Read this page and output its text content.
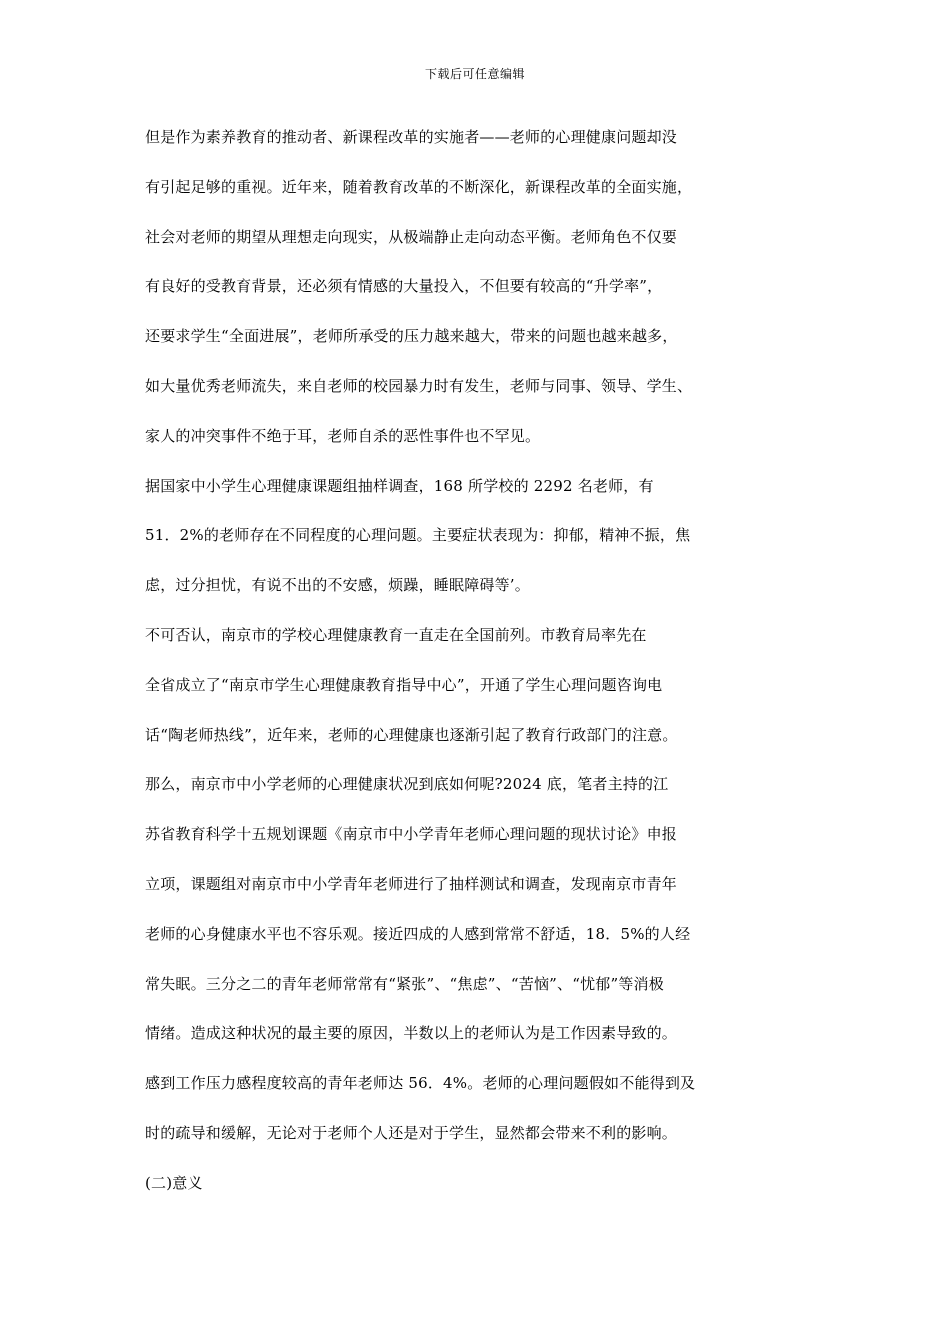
下载后可任意编辑
但是作为素养教育的推动者、新课程改革的实施者——老师的心理健康问题却没
有引起足够的重视。近年来，随着教育改革的不断深化，新课程改革的全面实施，
社会对老师的期望从理想走向现实，从极端静止走向动态平衡。老师角色不仅要
有良好的受教育背景，还必须有情感的大量投入，不但要有较高的“升学率”，
还要求学生“全面进展”，老师所承受的压力越来越大，带来的问题也越来越多，
如大量优秀老师流失，来自老师的校园暴力时有发生，老师与同事、领导、学生、
家人的冲突事件不绝于耳，老师自杀的恶性事件也不罕见。
据国家中小学生心理健康课题组抽样调查，168 所学校的 2292 名老师，有
51．2%的老师存在不同程度的心理问题。主要症状表现为：抑郁，精神不振，焦
虑，过分担忧，有说不出的不安感，烦躁，睡眠障碍等’。
不可否认，南京市的学校心理健康教育一直走在全国前列。市教育局率先在
全省成立了“南京市学生心理健康教育指导中心”，开通了学生心理问题咨询电
话“陶老师热线”，近年来，老师的心理健康也逐渐引起了教育行政部门的注意。
那么，南京市中小学老师的心理健康状况到底如何呢?2024 底，笔者主持的江
苏省教育科学十五规划课题《南京市中小学青年老师心理问题的现状讨论》申报
立项，课题组对南京市中小学青年老师进行了抽样测试和调查，发现南京市青年
老师的心身健康水平也不容乐观。接近四成的人感到常常不舒适，18．5%的人经
常失眠。三分之二的青年老师常常有“紧张”、“焦虑”、“苦恼”、“忧郁”等消极
情绪。造成这种状况的最主要的原因，半数以上的老师认为是工作因素导致的。
感到工作压力感程度较高的青年老师达 56．4%。老师的心理问题假如不能得到及
时的疏导和缓解，无论对于老师个人还是对于学生，显然都会带来不利的影响。
(二)意义
